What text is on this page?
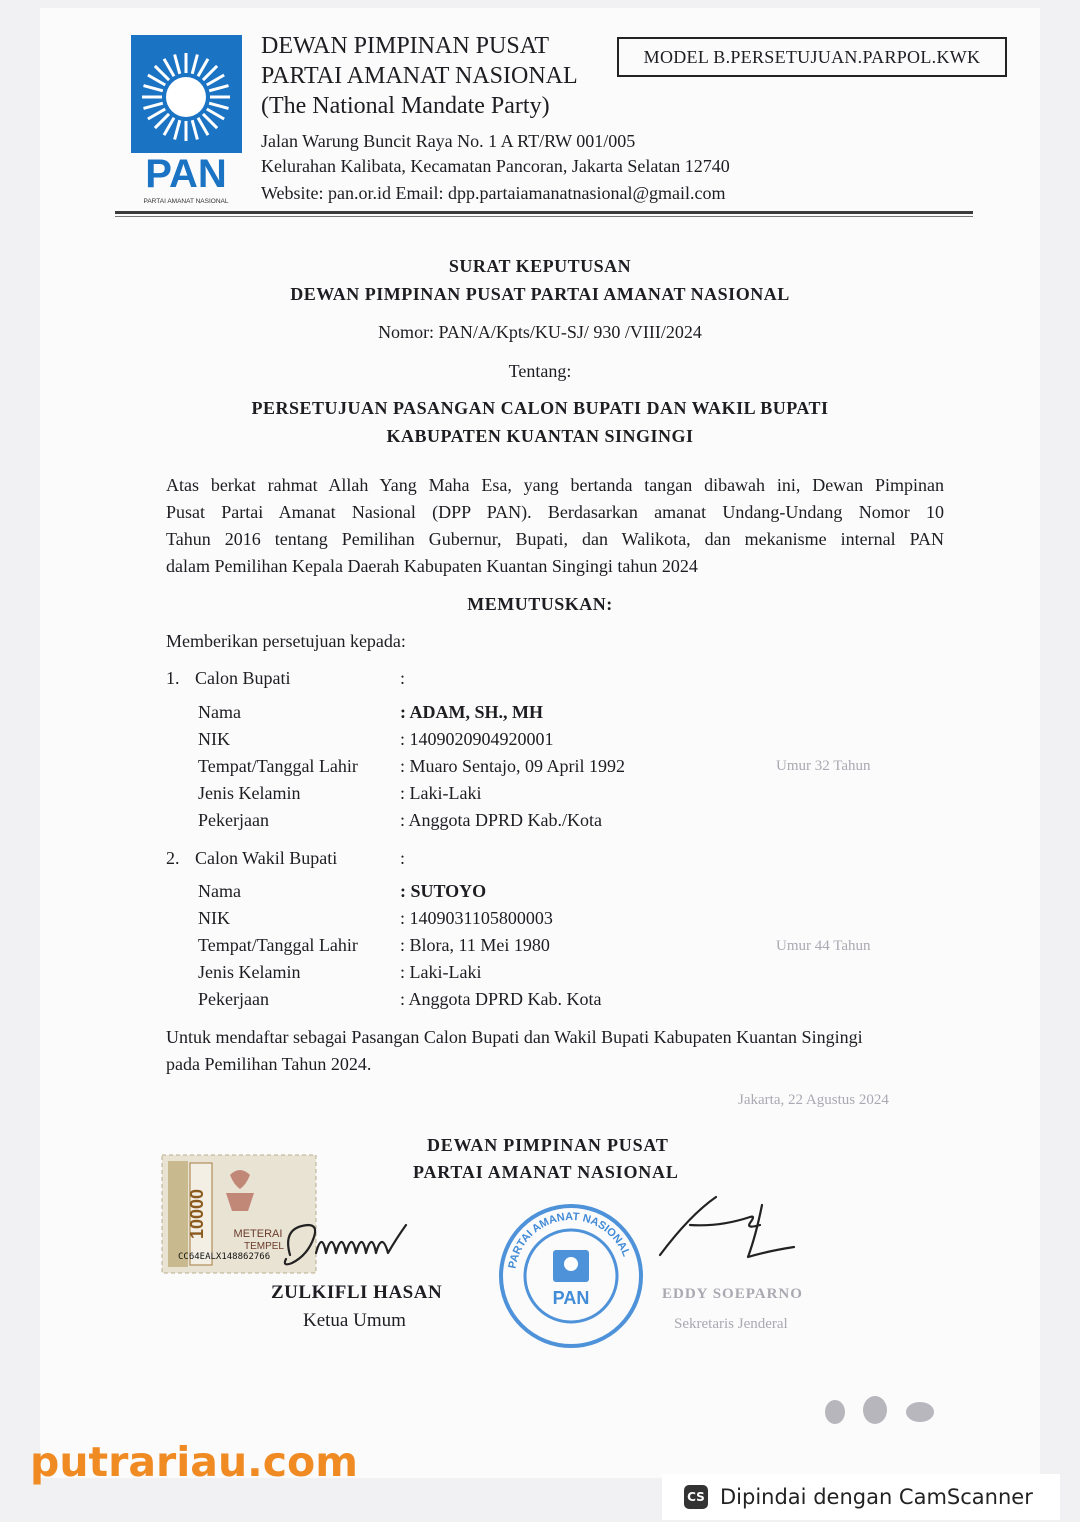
PAN
PARTAI AMANAT NASIONAL
DEWAN PIMPINAN PUSAT
PARTAI AMANAT NASIONAL
(The National Mandate Party)
Jalan Warung Buncit Raya No. 1 A RT/RW 001/005
Kelurahan Kalibata, Kecamatan Pancoran, Jakarta Selatan 12740
Website: pan.or.id Email: dpp.partaiamanatnasional@gmail.com
MODEL B.PERSETUJUAN.PARPOL.KWK
SURAT KEPUTUSAN
DEWAN PIMPINAN PUSAT PARTAI AMANAT NASIONAL
Nomor: PAN/A/Kpts/KU-SJ/ 930 /VIII/2024
Tentang:
PERSETUJUAN PASANGAN CALON BUPATI DAN WAKIL BUPATI
KABUPATEN KUANTAN SINGINGI
Atas berkat rahmat Allah Yang Maha Esa, yang bertanda tangan dibawah ini, Dewan Pimpinan
Pusat Partai Amanat Nasional (DPP PAN). Berdasarkan amanat Undang-Undang Nomor 10
Tahun 2016 tentang Pemilihan Gubernur, Bupati, dan Walikota, dan mekanisme internal PAN
dalam Pemilihan Kepala Daerah Kabupaten Kuantan Singingi tahun 2024
MEMUTUSKAN:
Memberikan persetujuan kepada:
1. Calon Bupati	:
Nama	: ADAM, SH., MH
NIK	: 1409020904920001
Tempat/Tanggal Lahir : Muaro Sentajo, 09 April 1992	Umur 32 Tahun
Jenis Kelamin	: Laki-Laki
Pekerjaan	: Anggota DPRD Kab./Kota
2. Calon Wakil Bupati	:
Nama	: SUTOYO
NIK	: 1409031105800003
Tempat/Tanggal Lahir : Blora, 11 Mei 1980	Umur 44 Tahun
Jenis Kelamin	: Laki-Laki
Pekerjaan	: Anggota DPRD Kab. Kota
Untuk mendaftar sebagai Pasangan Calon Bupati dan Wakil Bupati Kabupaten Kuantan Singingi
pada Pemilihan Tahun 2024.
Jakarta, 22 Agustus 2024
DEWAN PIMPINAN PUSAT
PARTAI AMANAT NASIONAL
10000 METERAI
TEMPEL
CC64EALX148862766
ZULKIFLI HASAN
Ketua Umum
PARTAI AMANAT NASIONAL
PAN	EDDY SOEPARNO
Sekretaris Jenderal
putrariau.com
CS Dipindai dengan CamScanner
